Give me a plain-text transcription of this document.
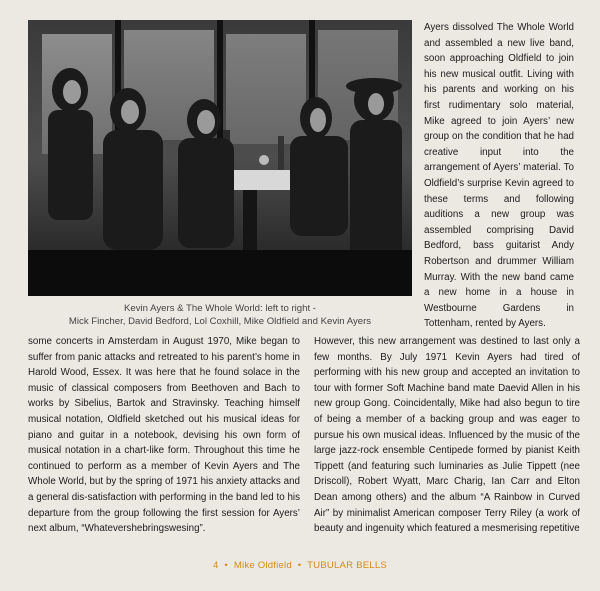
Kevin Ayers & The Whole World: left to right -
Mick Fincher, David Bedford, Lol Coxhill, Mike Oldfield and Kevin Ayers

Ayers dissolved The Whole World and assembled a new live band, soon approaching Oldfield to join his new musical outfit. Living with his parents and working on his first rudimentary solo material, Mike agreed to join Ayers’ new group on the condition that he had creative input into the arrangement of Ayers’ material. To Oldfield’s surprise Kevin agreed to these terms and following auditions a new group was assembled comprising David Bedford, bass guitarist Andy Robertson and drummer William Murray. With the new band came a new home in a house in Westbourne Gardens in Tottenham, rented by Ayers.

some concerts in Amsterdam in August 1970, Mike began to suffer from panic attacks and retreated to his parent’s home in Harold Wood, Essex. It was here that he found solace in the music of classical composers from Beethoven and Bach to works by Sibelius, Bartok and Stravinsky. Teaching himself musical notation, Oldfield sketched out his musical ideas for piano and guitar in a notebook, devising his own form of musical notation in a chart-like form. Throughout this time he continued to perform as a member of Kevin Ayers and The Whole World, but by the spring of 1971 his anxiety attacks and a general dis-satisfaction with performing in the band led to his departure from the group following the first session for Ayers’ next album, “Whatevershebringswesing”.

However, this new arrangement was destined to last only a few months. By July 1971 Kevin Ayers had tired of performing with his new group and accepted an invitation to tour with former Soft Machine band mate Daevid Allen in his new group Gong. Coincidentally, Mike had also begun to tire of being a member of a backing group and was eager to pursue his own musical ideas. Influenced by the music of the large jazz-rock ensemble Centipede formed by pianist Keith Tippett (and featuring such luminaries as Julie Tippett (nee Driscoll), Robert Wyatt, Marc Charig, Ian Carr and Elton Dean among others) and the album “A Rainbow in Curved Air” by minimalist American composer Terry Riley (a work of beauty and ingenuity which featured a mesmerising repetitive

4 • Mike Oldfield • TUBULAR BELLS
